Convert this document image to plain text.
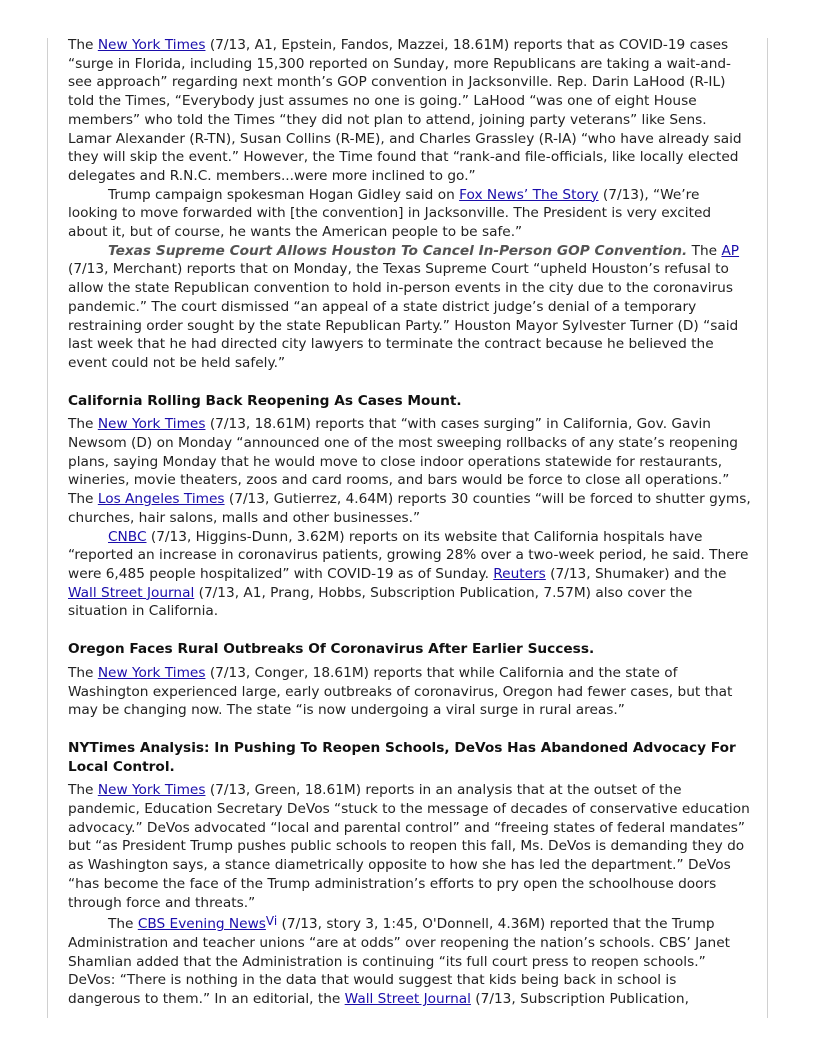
The New York Times (7/13, A1, Epstein, Fandos, Mazzei, 18.61M) reports that as COVID-19 cases “surge in Florida, including 15,300 reported on Sunday, more Republicans are taking a wait-and-see approach” regarding next month’s GOP convention in Jacksonville. Rep. Darin LaHood (R-IL) told the Times, “Everybody just assumes no one is going.” LaHood “was one of eight House members” who told the Times “they did not plan to attend, joining party veterans” like Sens. Lamar Alexander (R-TN), Susan Collins (R-ME), and Charles Grassley (R-IA) “who have already said they will skip the event.” However, the Time found that “rank-and file-officials, like locally elected delegates and R.N.C. members...were more inclined to go.”

Trump campaign spokesman Hogan Gidley said on Fox News’ The Story (7/13), “We’re looking to move forwarded with [the convention] in Jacksonville. The President is very excited about it, but of course, he wants the American people to be safe.”

Texas Supreme Court Allows Houston To Cancel In-Person GOP Convention. The AP (7/13, Merchant) reports that on Monday, the Texas Supreme Court “upheld Houston’s refusal to allow the state Republican convention to hold in-person events in the city due to the coronavirus pandemic.” The court dismissed “an appeal of a state district judge’s denial of a temporary restraining order sought by the state Republican Party.” Houston Mayor Sylvester Turner (D) “said last week that he had directed city lawyers to terminate the contract because he believed the event could not be held safely.”

California Rolling Back Reopening As Cases Mount.

The New York Times (7/13, 18.61M) reports that “with cases surging” in California, Gov. Gavin Newsom (D) on Monday “announced one of the most sweeping rollbacks of any state’s reopening plans, saying Monday that he would move to close indoor operations statewide for restaurants, wineries, movie theaters, zoos and card rooms, and bars would be force to close all operations.” The Los Angeles Times (7/13, Gutierrez, 4.64M) reports 30 counties “will be forced to shutter gyms, churches, hair salons, malls and other businesses.”

CNBC (7/13, Higgins-Dunn, 3.62M) reports on its website that California hospitals have “reported an increase in coronavirus patients, growing 28% over a two-week period, he said. There were 6,485 people hospitalized” with COVID-19 as of Sunday. Reuters (7/13, Shumaker) and the Wall Street Journal (7/13, A1, Prang, Hobbs, Subscription Publication, 7.57M) also cover the situation in California.

Oregon Faces Rural Outbreaks Of Coronavirus After Earlier Success.

The New York Times (7/13, Conger, 18.61M) reports that while California and the state of Washington experienced large, early outbreaks of coronavirus, Oregon had fewer cases, but that may be changing now. The state “is now undergoing a viral surge in rural areas.”

NYTimes Analysis: In Pushing To Reopen Schools, DeVos Has Abandoned Advocacy For Local Control.

The New York Times (7/13, Green, 18.61M) reports in an analysis that at the outset of the pandemic, Education Secretary DeVos “stuck to the message of decades of conservative education advocacy.” DeVos advocated “local and parental control” and “freeing states of federal mandates” but “as President Trump pushes public schools to reopen this fall, Ms. DeVos is demanding they do as Washington says, a stance diametrically opposite to how she has led the department.” DeVos “has become the face of the Trump administration’s efforts to pry open the schoolhouse doors through force and threats.”

The CBS Evening NewsVi (7/13, story 3, 1:45, O'Donnell, 4.36M) reported that the Trump Administration and teacher unions “are at odds” over reopening the nation’s schools. CBS’ Janet Shamlian added that the Administration is continuing “its full court press to reopen schools.” DeVos: “There is nothing in the data that would suggest that kids being back in school is dangerous to them.” In an editorial, the Wall Street Journal (7/13, Subscription Publication,
